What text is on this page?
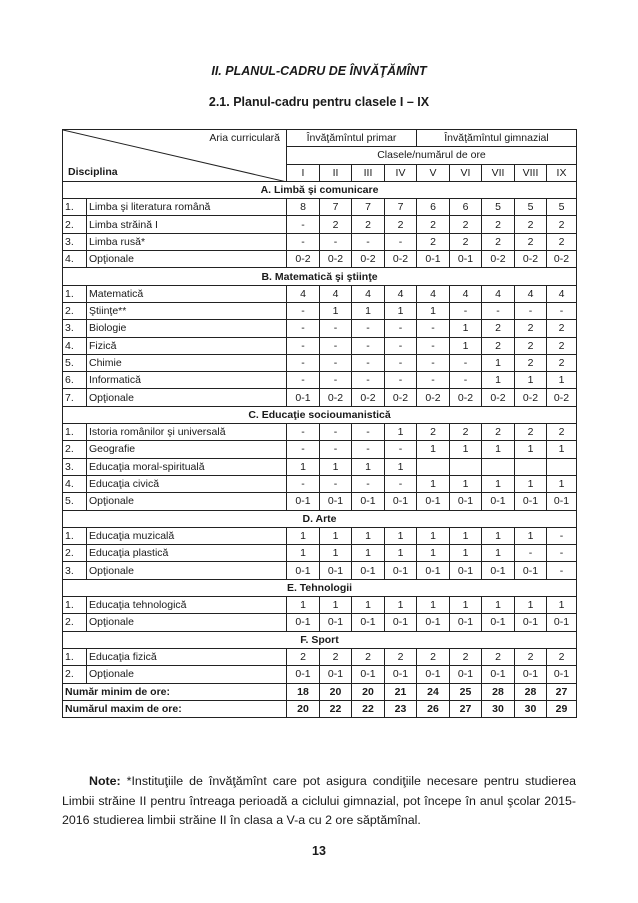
II. PLANUL-CADRU DE ÎNVĂŢĂMÎNT
2.1. Planul-cadru pentru clasele I – IX
Aria curriculară
Disciplina		Învăţămîntul primar				Învăţămîntul gimnazial				
		Clasele/numărul de ore								
		I	II	III	IV	V	VI	VII	VIII	IX
A. Limbă şi comunicare										
1.	Limba şi literatura română	8	7	7	7	6	6	5	5	5
2.	Limba străină I	-	2	2	2	2	2	2	2	2
3.	Limba rusă*	-	-	-	-	2	2	2	2	2
4.	Opţionale	0-2	0-2	0-2	0-2	0-1	0-1	0-2	0-2	0-2
B. Matematică şi ştiinţe										
1.	Matematică	4	4	4	4	4	4	4	4	4
2.	Ştiinţe**	-	1	1	1	1	-	-	-	-
3.	Biologie	-	-	-	-	-	1	2	2	2
4.	Fizică	-	-	-	-	-	1	2	2	2
5.	Chimie	-	-	-	-	-	-	1	2	2
6.	Informatică	-	-	-	-	-	-	1	1	1
7.	Opţionale	0-1	0-2	0-2	0-2	0-2	0-2	0-2	0-2	0-2
C. Educaţie socioumanistică										
1.	Istoria românilor şi universală	-	-	-	1	2	2	2	2	2
2.	Geografie	-	-	-	-	1	1	1	1	1
3.	Educaţia moral-spirituală	1	1	1	1					
4.	Educaţia civică	-	-	-	-	1	1	1	1	1
5.	Opţionale	0-1	0-1	0-1	0-1	0-1	0-1	0-1	0-1	0-1
D. Arte										
1.	Educaţia muzicală	1	1	1	1	1	1	1	1	-
2.	Educaţia plastică	1	1	1	1	1	1	1	-	-
3.	Opţionale	0-1	0-1	0-1	0-1	0-1	0-1	0-1	0-1	-
E. Tehnologii										
1.	Educaţia tehnologică	1	1	1	1	1	1	1	1	1
2.	Opţionale	0-1	0-1	0-1	0-1	0-1	0-1	0-1	0-1	0-1
F. Sport										
1.	Educaţia fizică	2	2	2	2	2	2	2	2	2
2.	Opţionale	0-1	0-1	0-1	0-1	0-1	0-1	0-1	0-1	0-1
Număr minim de ore:		18	20	20	21	24	25	28	28	27
Numărul maxim de ore:		20	22	22	23	26	27	30	30	29
Note: *Instituţiile de învăţămînt care pot asigura condiţiile necesare pentru studierea Limbii străine II pentru întreaga perioadă a ciclului gimnazial, pot începe în anul şcolar 2015-2016 studierea limbii străine II în clasa a V-a cu 2 ore săptămînal.
13
